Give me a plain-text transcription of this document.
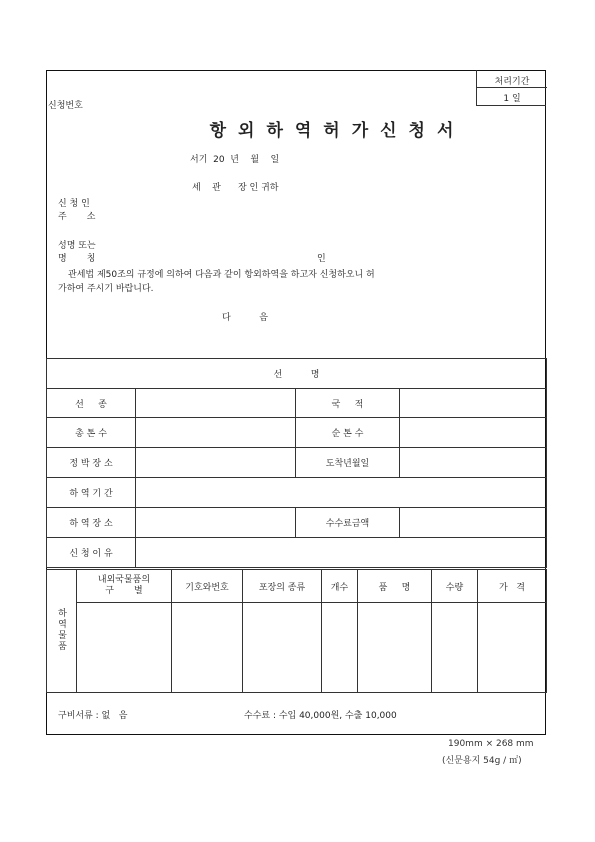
처리기간
1 일
신청번호
항외하역허가신청서
서기  20  년    월    일
세    관      장 인 귀하
신 청 인
주       소
성명 또는
명       칭	인
관세법 제50조의 규정에 의하여 다음과 같이 항외하역을 하고자 신청하오니 허
가하여 주시기 바랍니다.
다          음
선          명			
선     종		국     적	
총 톤 수		순 톤 수	
정 박 장 소		도착년월일	
하 역 기 간			
하 역 장 소		수수료금액	
신 청 이 유			
하역물품	내외국물품의
구       별	기호와번호	포장의 종류	개수	품     명	수량	가   격

구비서류 : 없   음	수수료 : 수입 40,000원, 수출 10,000
190mm × 268 mm
(신문용지 54g / ㎡)
